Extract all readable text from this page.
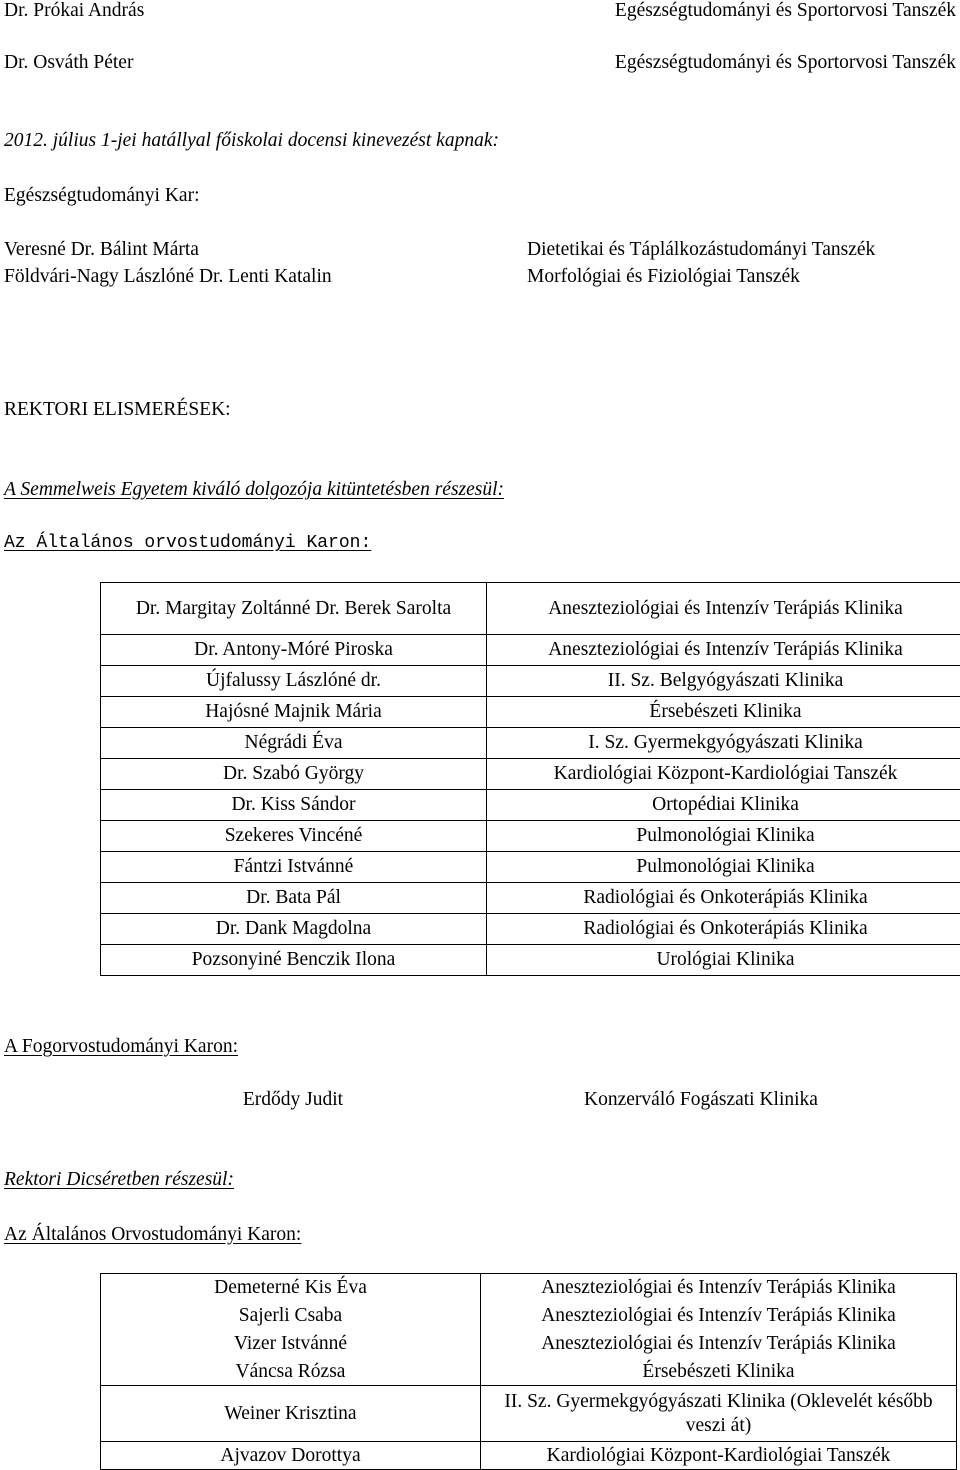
Dr. Prókai András	Egészségtudományi és Sportorvosi Tanszék
Dr. Osváth Péter	Egészségtudományi és Sportorvosi Tanszék
2012. július 1-jei hatállyal főiskolai docensi kinevezést kapnak:
Egészségtudományi Kar:
Veresné Dr. Bálint Márta	Dietetikai és Táplálkozástudományi Tanszék
Földvári-Nagy Lászlóné Dr. Lenti Katalin	Morfológiai és Fiziológiai Tanszék
REKTORI ELISMERÉSEK:
A Semmelweis Egyetem kiváló dolgozója kitüntetésben részesül:
Az Általános orvostudományi Karon:
Dr. Margitay Zoltánné Dr. Berek Sarolta	Aneszteziológiai és Intenzív Terápiás Klinika
Dr. Antony-Móré Piroska	Aneszteziológiai és Intenzív Terápiás Klinika
Újfalussy Lászlóné dr.	II. Sz. Belgyógyászati Klinika
Hajósné Majnik Mária	Érsebészeti Klinika
Négrádi Éva	I. Sz. Gyermekgyógyászati Klinika
Dr. Szabó György	Kardiológiai Központ-Kardiológiai Tanszék
Dr. Kiss Sándor	Ortopédiai Klinika
Szekeres Vincéné	Pulmonológiai Klinika
Fántzi Istvánné	Pulmonológiai Klinika
Dr. Bata Pál	Radiológiai és Onkoterápiás Klinika
Dr. Dank Magdolna	Radiológiai és Onkoterápiás Klinika
Pozsonyiné Benczik Ilona	Urológiai Klinika
A Fogorvostudományi Karon:
Erdődy Judit	Konzerváló Fogászati Klinika
Rektori Dicséretben részesül:
Az Általános Orvostudományi Karon:
Demeterné Kis Éva	Aneszteziológiai és Intenzív Terápiás Klinika
Sajerli Csaba	Aneszteziológiai és Intenzív Terápiás Klinika
Vizer Istvánné	Aneszteziológiai és Intenzív Terápiás Klinika
Váncsa Rózsa	Érsebészeti Klinika
Weiner Krisztina	II. Sz. Gyermekgyógyászati Klinika (Oklevelét később veszi át)
Ajvazov Dorottya	Kardiológiai Központ-Kardiológiai Tanszék
